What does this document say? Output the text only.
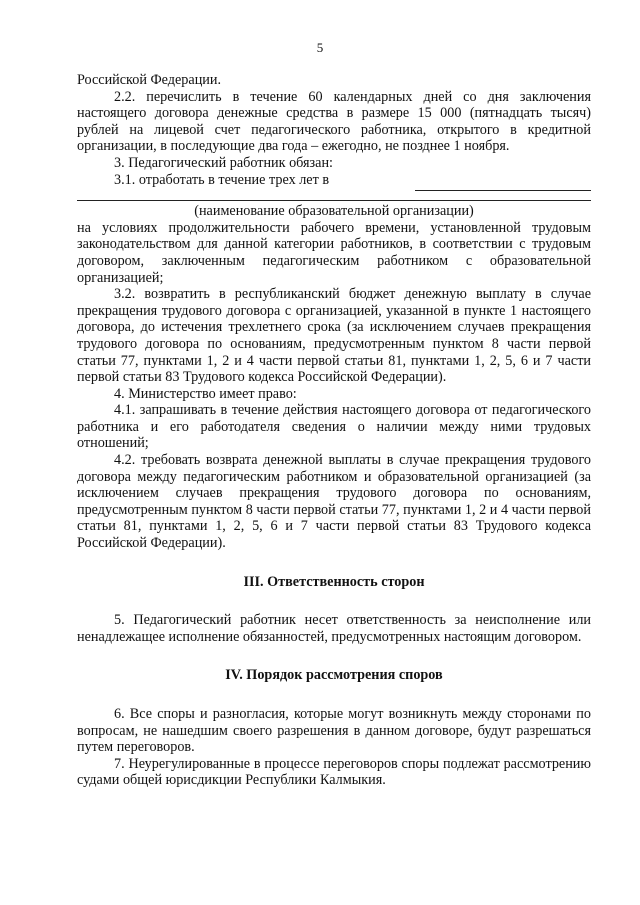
5

Российской Федерации.

2.2. перечислить в течение 60 календарных дней со дня заключения настоящего договора денежные средства в размере 15 000 (пятнадцать тысяч) рублей на лицевой счет педагогического работника, открытого в кредитной организации, в последующие два года – ежегодно, не позднее 1 ноября.

3. Педагогический работник обязан:

3.1. отработать в течение трех лет в

(наименование образовательной организации)

на условиях продолжительности рабочего времени, установленной трудовым законодательством для данной категории работников, в соответствии с трудовым договором, заключенным педагогическим работником с образовательной организацией;

3.2. возвратить в республиканский бюджет денежную выплату в случае прекращения трудового договора с организацией, указанной в пункте 1 настоящего договора, до истечения трехлетнего срока (за исключением случаев прекращения трудового договора по основаниям, предусмотренным пунктом 8 части первой статьи 77, пунктами 1, 2 и 4 части первой статьи 81, пунктами 1, 2, 5, 6 и 7 части первой статьи 83 Трудового кодекса Российской Федерации).

4. Министерство имеет право:

4.1. запрашивать в течение действия настоящего договора от педагогического работника и его работодателя сведения о наличии между ними трудовых отношений;

4.2. требовать возврата денежной выплаты в случае прекращения трудового договора между педагогическим работником и образовательной организацией (за исключением случаев прекращения трудового договора по основаниям, предусмотренным пунктом 8 части первой статьи 77, пунктами 1, 2 и 4 части первой статьи 81, пунктами 1, 2, 5, 6 и 7 части первой статьи 83 Трудового кодекса Российской Федерации).

III. Ответственность сторон

5. Педагогический работник несет ответственность за неисполнение или ненадлежащее исполнение обязанностей, предусмотренных настоящим договором.

IV. Порядок рассмотрения споров

6. Все споры и разногласия, которые могут возникнуть между сторонами по вопросам, не нашедшим своего разрешения в данном договоре, будут разрешаться путем переговоров.

7. Неурегулированные в процессе переговоров споры подлежат рассмотрению судами общей юрисдикции Республики Калмыкия.
